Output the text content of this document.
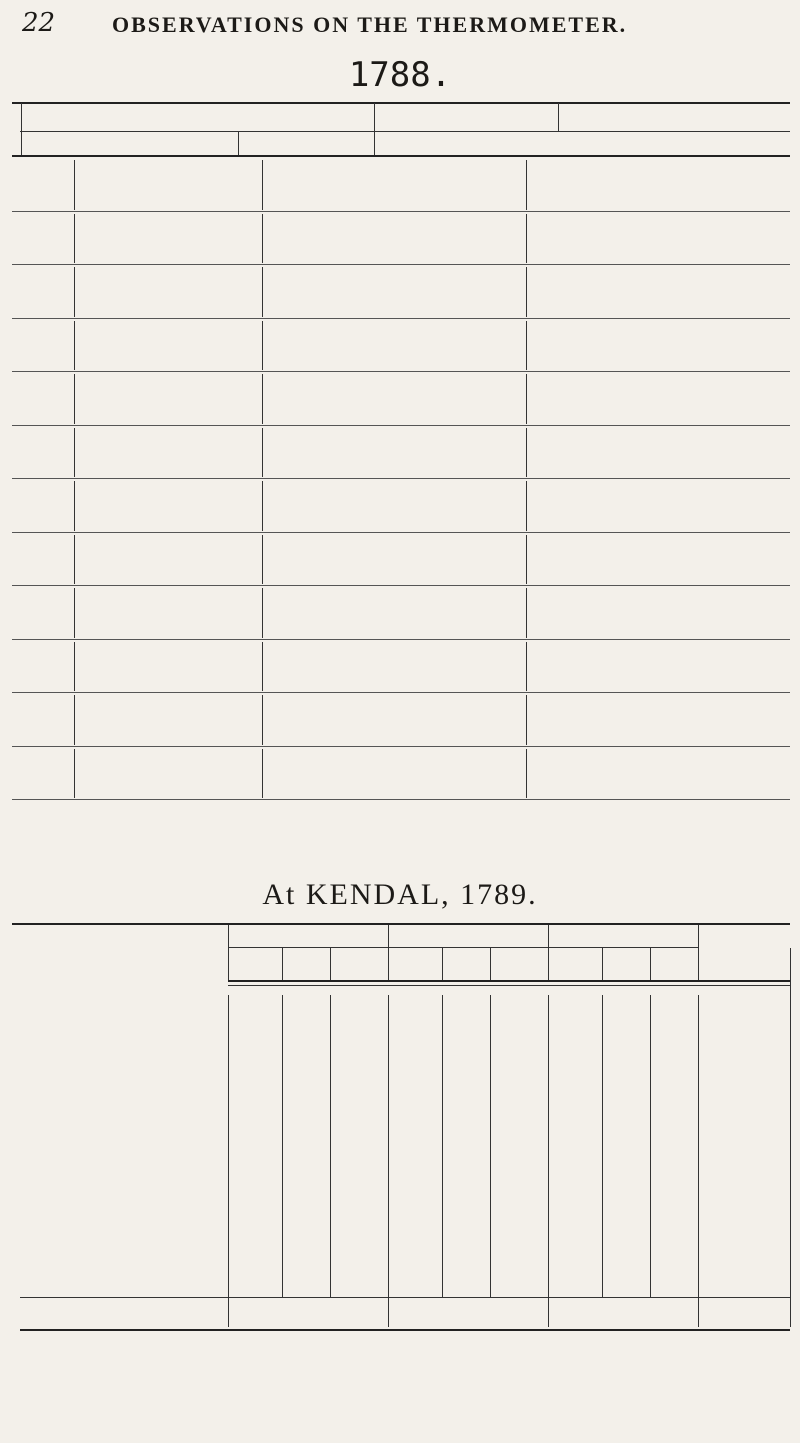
22	OBSERVATIONS ON THE THERMOMETER.
1788.
At KENDAL, 1789.
